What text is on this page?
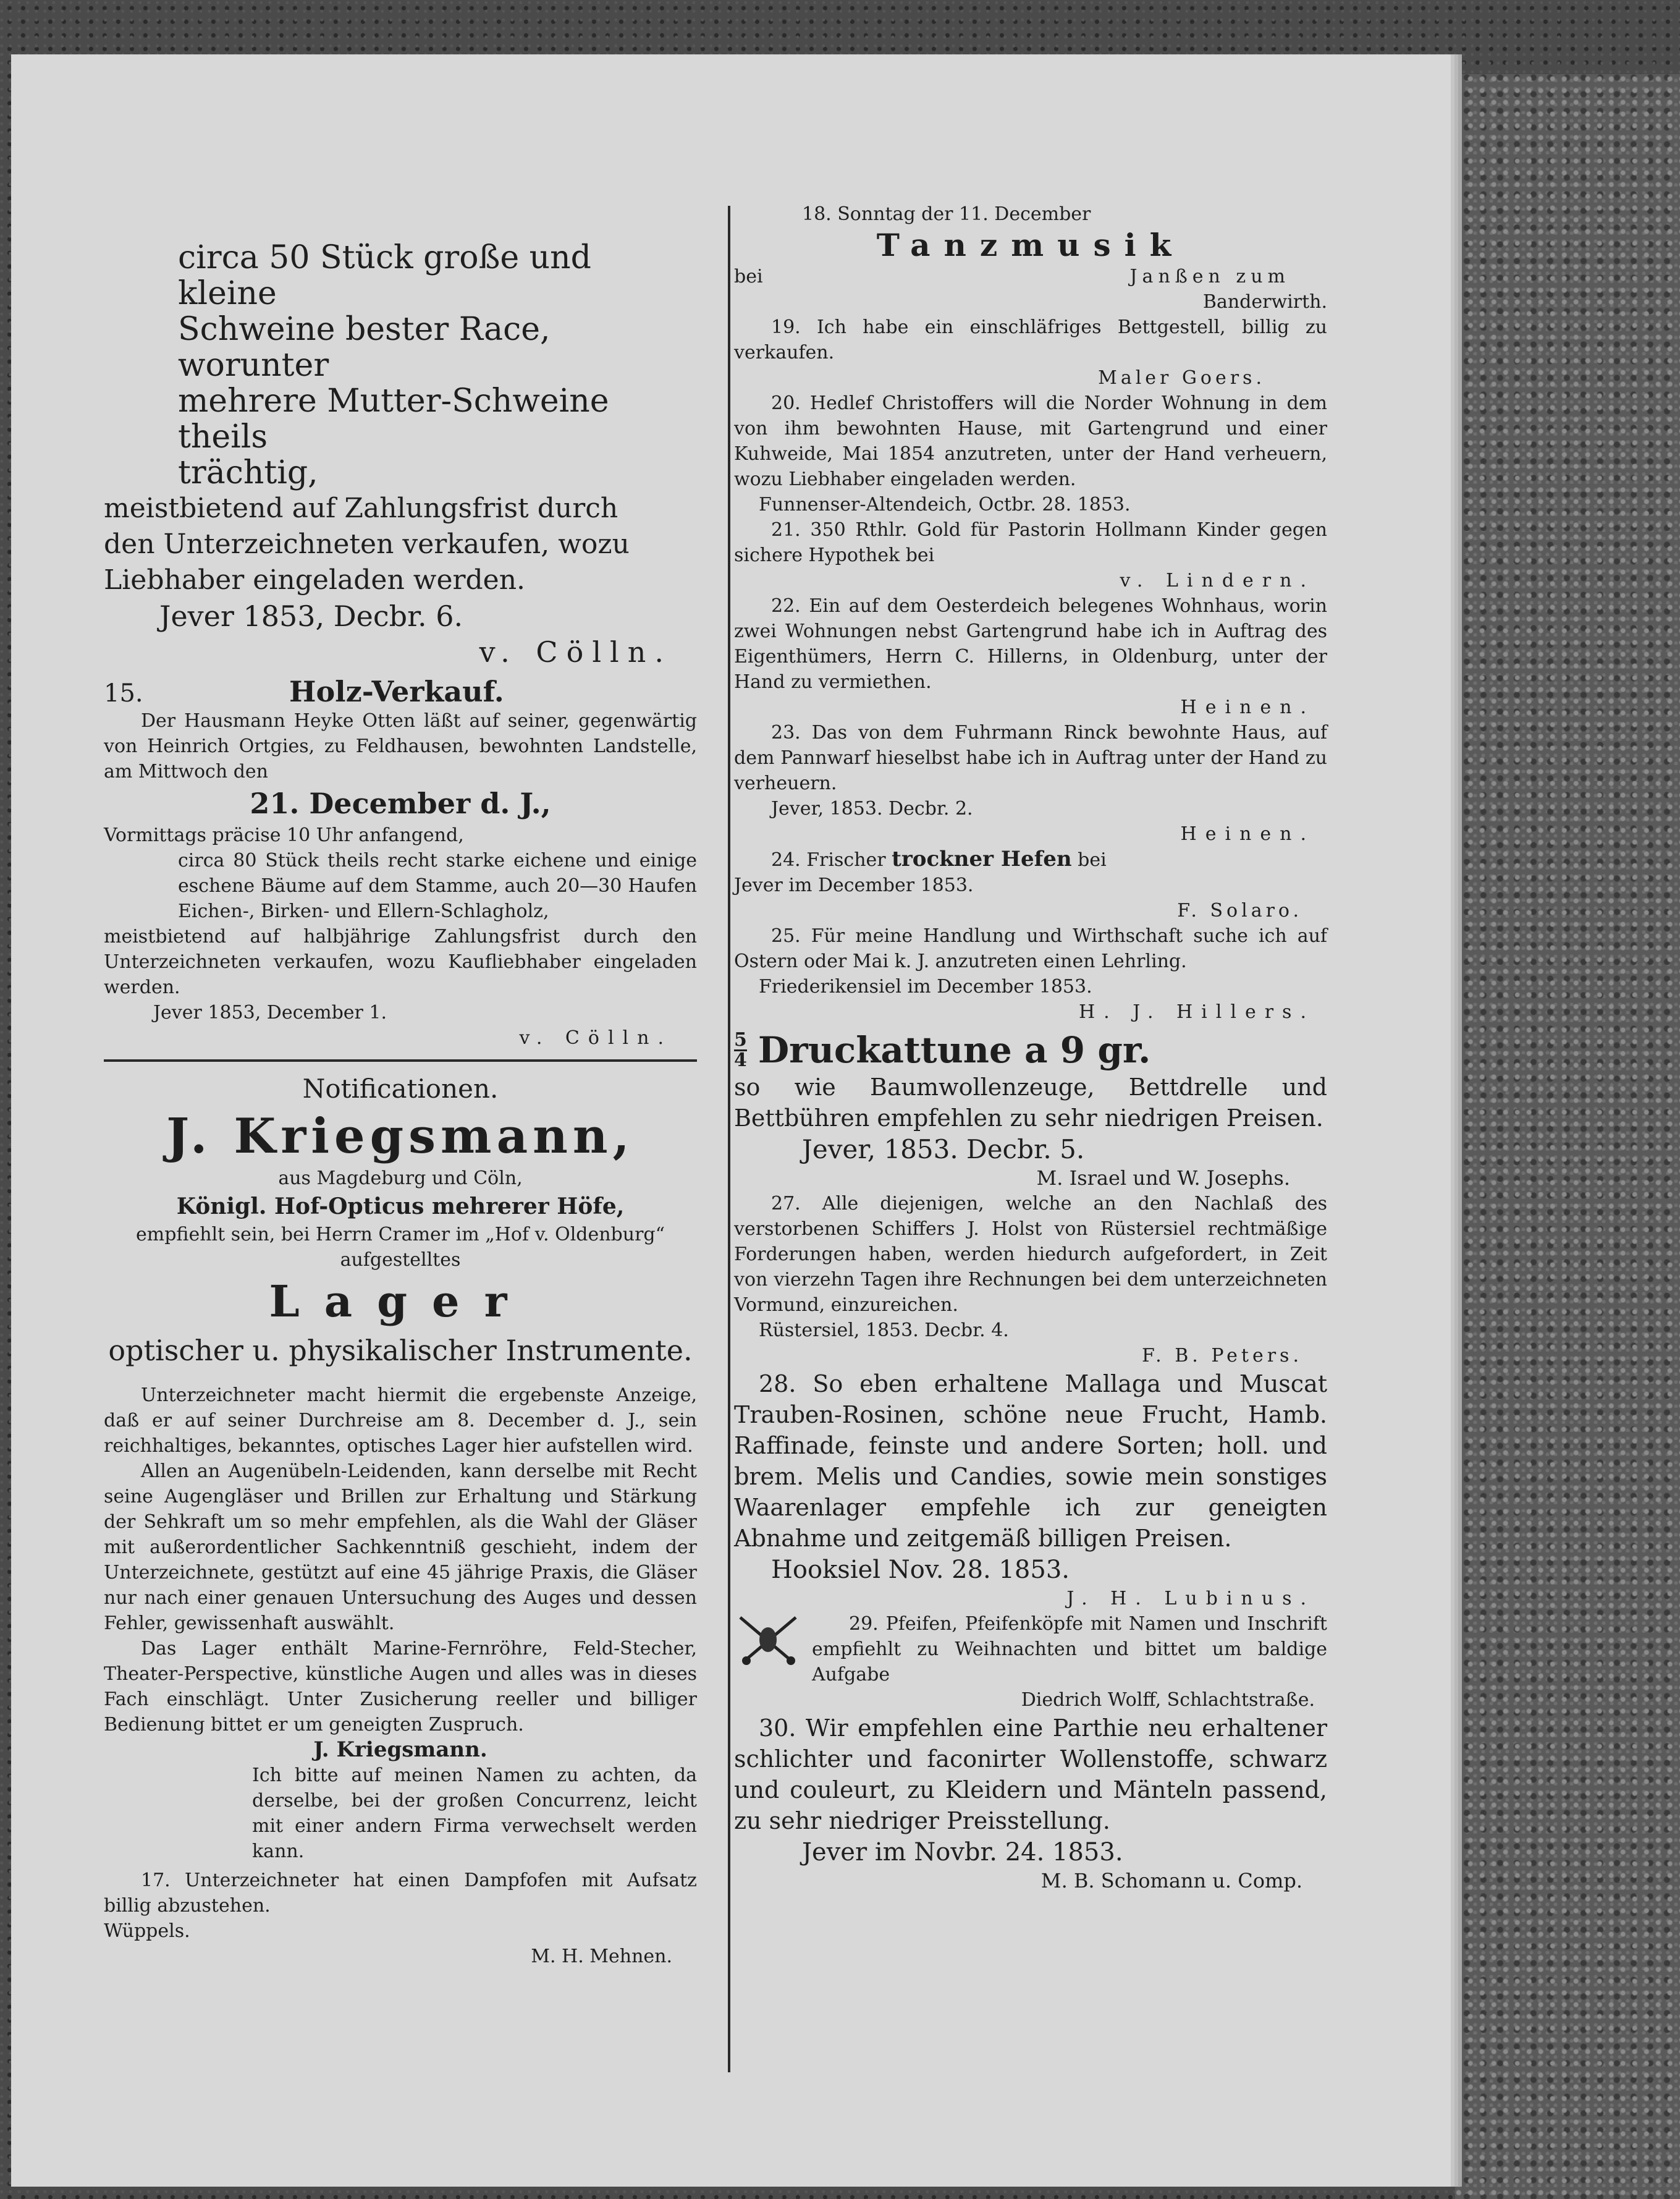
circa 50 Stück große und kleine

Schweine bester Race, worunter

mehrere Mutter-Schweine theils

trächtig,

meistbietend auf Zahlungsfrist durch

den Unterzeichneten verkaufen, wozu

Liebhaber eingeladen werden.

Jever 1853, Decbr. 6.

v. Cölln.

15.	Holz-Verkauf.

Der Hausmann Heyke Otten läßt auf seiner, gegenwärtig von Heinrich Ortgies, zu Feldhausen, bewohnten Landstelle, am Mittwoch den

21. December d. J.,

Vormittags präcise 10 Uhr anfangend,

circa 80 Stück theils recht starke eichene und einige eschene Bäume auf dem Stamme, auch 20—30 Haufen Eichen-, Birken- und Ellern-Schlagholz,

meistbietend auf halbjährige Zahlungsfrist durch den Unterzeichneten verkaufen, wozu Kaufliebhaber eingeladen werden.

Jever 1853, December 1.

v. Cölln.

Notificationen.

J. Kriegsmann,

aus Magdeburg und Cöln,

Königl. Hof-Opticus mehrerer Höfe,

empfiehlt sein, bei Herrn Cramer im „Hof v. Oldenburg“

aufgestelltes

Lager

optischer u. physikalischer Instrumente.

Unterzeichneter macht hiermit die ergebenste Anzeige, daß er auf seiner Durchreise am 8. December d. J., sein reichhaltiges, bekanntes, optisches Lager hier aufstellen wird.

Allen an Augenübeln-Leidenden, kann derselbe mit Recht seine Augengläser und Brillen zur Erhaltung und Stärkung der Sehkraft um so mehr empfehlen, als die Wahl der Gläser mit außerordentlicher Sachkenntniß geschieht, indem der Unterzeichnete, gestützt auf eine 45 jährige Praxis, die Gläser nur nach einer genauen Untersuchung des Auges und dessen Fehler, gewissenhaft auswählt.

Das Lager enthält Marine-Fernröhre, Feld-Stecher, Theater-Perspective, künstliche Augen und alles was in dieses Fach einschlägt. Unter Zusicherung reeller und billiger Bedienung bittet er um geneigten Zuspruch.

J. Kriegsmann.

Ich bitte auf meinen Namen zu achten, da derselbe, bei der großen Concurrenz, leicht mit einer andern Firma verwechselt werden kann.

17. Unterzeichneter hat einen Dampfofen mit Aufsatz billig abzustehen.

Wüppels.

M. H. Mehnen.

18. Sonntag der 11. December

Tanzmusik

bei	Janßen zum

Banderwirth.

19. Ich habe ein einschläfriges Bettgestell, billig zu verkaufen.

Maler Goers.

20. Hedlef Christoffers will die Norder Wohnung in dem von ihm bewohnten Hause, mit Gartengrund und einer Kuhweide, Mai 1854 anzutreten, unter der Hand verheuern, wozu Liebhaber eingeladen werden.

Funnenser-Altendeich, Octbr. 28. 1853.

21. 350 Rthlr. Gold für Pastorin Hollmann Kinder gegen sichere Hypothek bei

v. Lindern.

22. Ein auf dem Oesterdeich belegenes Wohnhaus, worin zwei Wohnungen nebst Gartengrund habe ich in Auftrag des Eigenthümers, Herrn C. Hillerns, in Oldenburg, unter der Hand zu vermiethen.

Heinen.

23. Das von dem Fuhrmann Rinck bewohnte Haus, auf dem Pannwarf hieselbst habe ich in Auftrag unter der Hand zu verheuern.

Jever, 1853. Decbr. 2.

Heinen.

24. Frischer trockner Hefen bei

Jever im December 1853.

F. Solaro.

25. Für meine Handlung und Wirthschaft suche ich auf Ostern oder Mai k. J. anzutreten einen Lehrling.

Friederikensiel im December 1853.

H. J. Hillers.

$\frac{5}{4}$ Druckattune a 9 gr.

so wie Baumwollenzeuge, Bettdrelle und Bettbühren empfehlen zu sehr niedrigen Preisen.

Jever, 1853. Decbr. 5.

M. Israel und W. Josephs.

27. Alle diejenigen, welche an den Nachlaß des verstorbenen Schiffers J. Holst von Rüstersiel rechtmäßige Forderungen haben, werden hiedurch aufgefordert, in Zeit von vierzehn Tagen ihre Rechnungen bei dem unterzeichneten Vormund, einzureichen.

Rüstersiel, 1853. Decbr. 4.

F. B. Peters.

28. So eben erhaltene Mallaga und Muscat Trauben-Rosinen, schöne neue Frucht, Hamb. Raffinade, feinste und andere Sorten; holl. und brem. Melis und Candies, sowie mein sonstiges Waarenlager empfehle ich zur geneigten Abnahme und zeitgemäß billigen Preisen.

Hooksiel Nov. 28. 1853.

J. H. Lubinus.

29. Pfeifen, Pfeifenköpfe mit Namen und Inschrift empfiehlt zu Weihnachten und bittet um baldige Aufgabe

Diedrich Wolff, Schlachtstraße.

30. Wir empfehlen eine Parthie neu erhaltener schlichter und faconirter Wollenstoffe, schwarz und couleurt, zu Kleidern und Mänteln passend, zu sehr niedriger Preisstellung.

Jever im Novbr. 24. 1853.

M. B. Schomann u. Comp.
